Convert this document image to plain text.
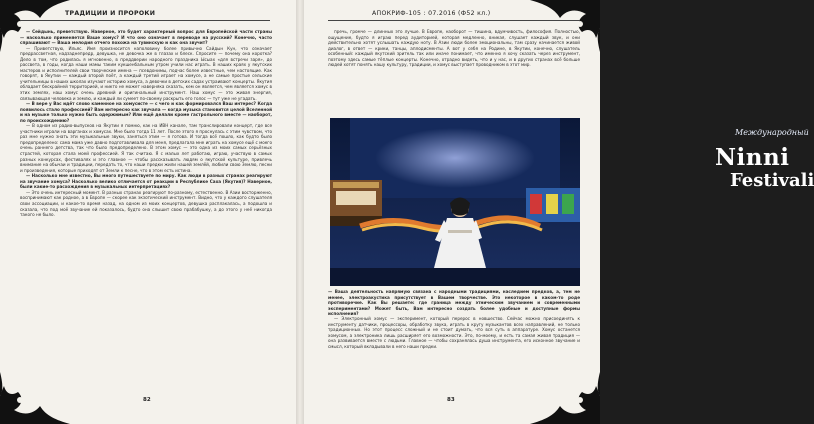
ТРАДИЦИИ И ПРОРОКИ	АПОКРИФ-105 : 07.2016 (Ф52 кл.)

— Сейдынь, преветствую. Наверное, это будет характерный вопрос для Европейской части страны — насколько применяется Ваше хомус? И что оно означает в переводе на русский? Конечно, часто спрашивают — Ваша мелодия отчего похожа на тувинскую и как она звучит?

— Приветствую, Ильяс. Имя произносится наполовину более привычно Сайдын Кун, что означает предрассветная, надзаднепредр, девушка, не девочка же в глазах и блеск. Спросите — почему она коротка? Дело в том, что родилась я мгновенно, в преддверии народного праздника Ысыах «для встречи заря», до рассвета, в годы, когда наши мамы таким кукшенбальным утром учили нас играть. В наших краях у якутских мастеров и исполнителей свои творческие имена — псевдонимы, подчас более известные, чем настоящие. Как говорят, в Якутии — каждый второй поёт, а каждый третий играет на хомусе, а не самые простые сельские учительницы в наших школах изучают историю хомуса, а девочки в детских садах устраивают концерты. Якутия обладает бескрайней территорией, и никто не может наверняка сказать, кем он является, чем является хомус в этих землях, наш хомус очень древний и оригинальный инструмент. Наш хомус — это живая энергия, связывающая человека и землю, и каждый ли сумеет по-своему раскрыть его голос — тут уже не угадать.

— В вере у Вас идёт слово каменное на хомусисте — с чего и как формировался Ваш интерес? Когда появилось стало профессией? Вам интересно как звучала — когда музыка становится целой Вселенной и на музыке только нужно быть одержимым? Или ещё делали кроме гастрольного вместе — наоборот, по происхождению?

— В одном из радио-выпусков на Якутии я помню, как на ИВН канале, там транслировали концерт, где все участники играли на варганах и хомусах. Мне было тогда 11 лет. После этого я проснулась с этим чувством, что раз мне нужно знать эти музыкальные звуки, заняться этим — я готова. И тогда всё пошло, как будто было предопределено: сама мама уже давно подготавливала для меня, предлагала мне играть на хомусе ещё с моего очень раннего детства, так что было предопределено. В этом хомус — это одна из моих самых серьёзных страстей, которая стала моей профессией. Я так считаю. Я с малых лет работаю, играю, участвую в самых разных конкурсах, фестивалях и это главное — чтобы рассказывать людям о якутской культуре, привлечь внимание на обычаи и традиции, передать то, что наши предки жили нашей землёй, любили свою Землю, песни и произведения, которые приходят от Земли к песне, что в этом есть истина.

— Насколько мне известно, Вы много путешествуете по миру. Как люди в разных странах реагируют на звучание хомуса? Насколько велико отличается от реакции в Республике Саха (Якутия)? Наверное, были какие-то расхождения в музыкальных интерпретациях?

— Это очень интересный момент. В разных странах реагируют по-разному, естественно. В Азии восторженно, воспринимают как родное, а в Европе — скорее как экзотический инструмент. Видно, что у каждого слушателя свои ассоциации, и какое-то время назад, на одном из моих концертов, девушка расплакалась, а подошла и сказала, что под моё звучание ей показалось, будто она слышит свою прабабушку, а до этого у неё никогда такого не было.

пречь, громче — длинных это лучше. В Европе, наоборот — тишина, вдумчивость, философия. Полностью, ощущение, будто я играю перед аудиторией, которая медленно, вникая, слушает каждый звук, и они действительно хотят услышать каждую ноту. В Азии люди более эмоциональны, там сразу начинается живой диалог, в ответ — крики, танцы, аплодисменты. А вот у себя на Родине, в Якутии, конечно, слушатель особенный: каждый якутский зритель так или иначе понимает, что именно я хочу сказать через инструмент, поэтому здесь самые тёплые концерты. Конечно, отрадно видеть, что и у нас, и в других странах всё больше людей хотят понять нашу культуру, традиции, и хомус выступает проводником в этот мир.

Международный
Ninni
Festivali

— Ваша деятельность напрямую связана с народными традициями, наследием предков, а, тем не менее, электроакустика присутствует в Вашем творчестве. Это некоторое в каком-то роде противоречие. Как Вы решаете: где граница между этническим звучанием и современными экспериментами? Может быть, Вам интересно создать более удобные и доступные формы исполнения?

— Электронный хомус — эксперимент, который перерос в новшество. Сейчас можно присоединять к инструменту датчики, процессоры, обработку звука, играть в кругу музыкантов всех направлений, не только традиционных. Но этот процесс сложный и не стоит думать, что вся суть в аппаратуре. Хомус останется хомусом, а электроника лишь расширяет его возможности. Это, по-моему, и есть та самая живая традиция — она развивается вместе с людьми. Главное — чтобы сохранялась душа инструмента, его исконное звучание и смысл, который вкладывали в него наши предки.

82	83
